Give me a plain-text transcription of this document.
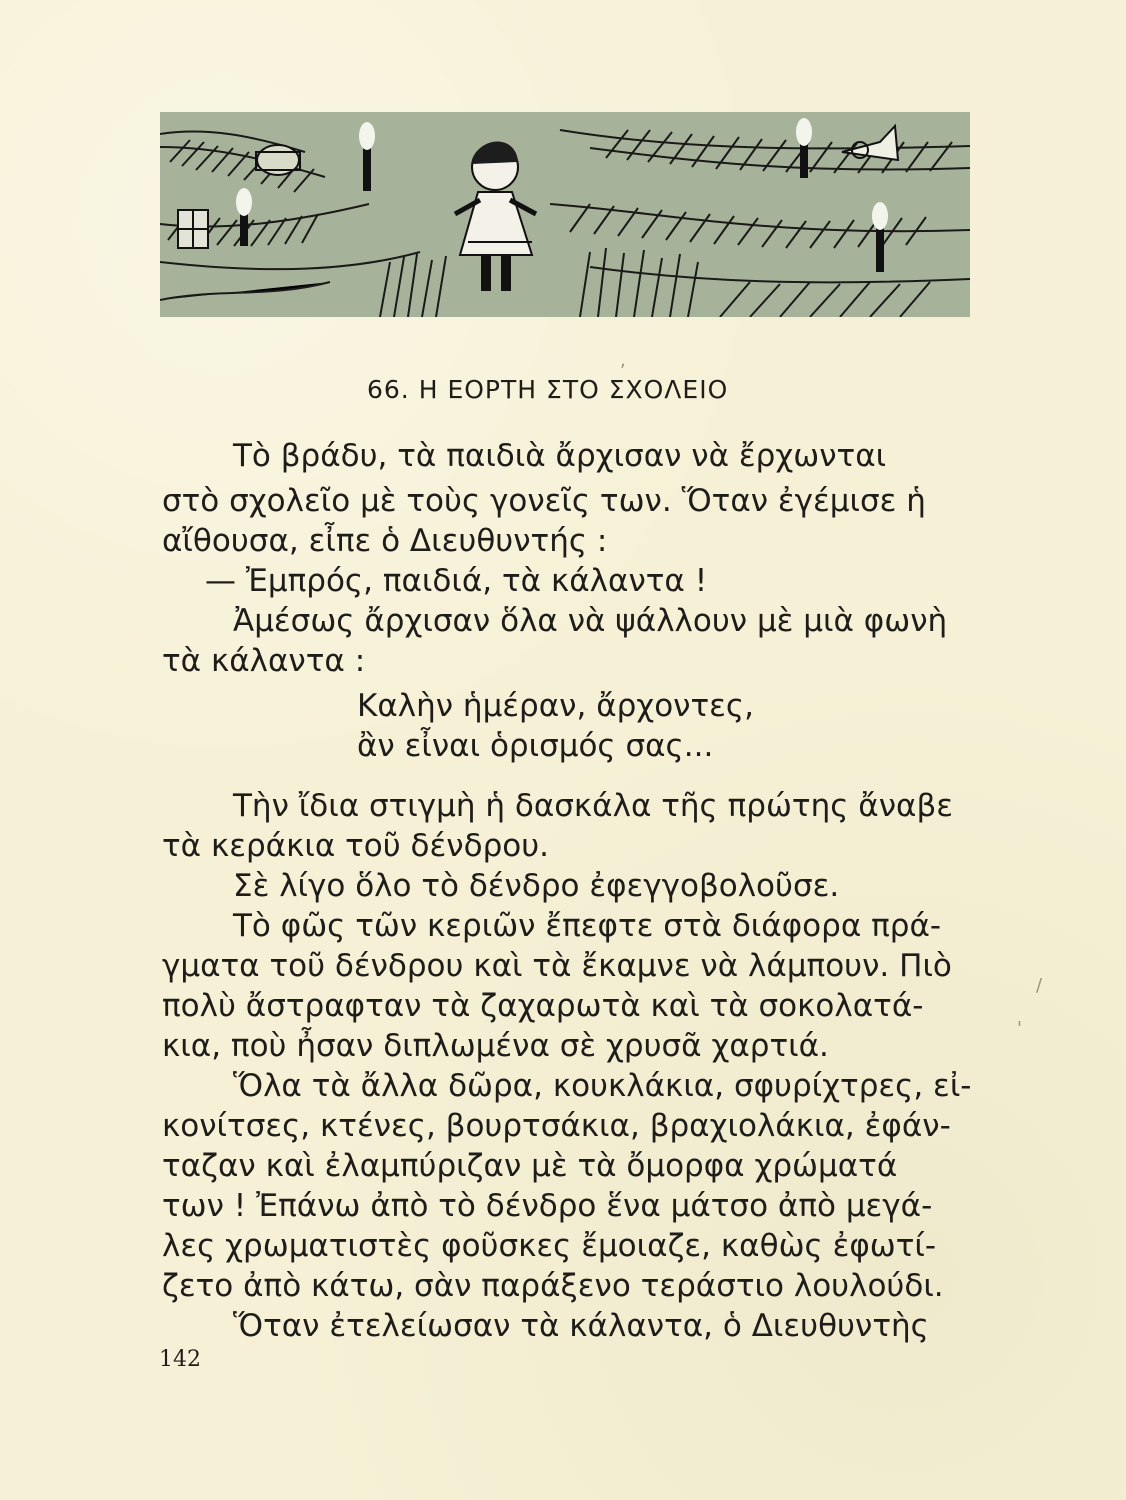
66. Η ΕΟΡΤΗ ΣΤΟ ΣΧΟΛΕΙΟ
Τὸ βράδυ, τὰ παιδιὰ ἄρχισαν νὰ ἔρχωνται
στὸ σχολεῖο μὲ τοὺς γονεῖς των. Ὅταν ἐγέμισε ἡ
αἴθουσα, εἶπε ὁ Διευθυντής :
— Ἐμπρός, παιδιά, τὰ κάλαντα !
Ἀμέσως ἄρχισαν ὅλα νὰ ψάλλουν μὲ μιὰ φωνὴ
τὰ κάλαντα :
Καλὴν ἡμέραν, ἄρχοντες,
ἂν εἶναι ὁρισμός σας...
Τὴν ἴδια στιγμὴ ἡ δασκάλα τῆς πρώτης ἄναβε
τὰ κεράκια τοῦ δένδρου.
Σὲ λίγο ὅλο τὸ δένδρο ἐφεγγοβολοῦσε.
Τὸ φῶς τῶν κεριῶν ἔπεφτε στὰ διάφορα πρά-
γματα τοῦ δένδρου καὶ τὰ ἔκαμνε νὰ λάμπουν. Πιὸ
πολὺ ἄστραφταν τὰ ζαχαρωτὰ καὶ τὰ σοκολατά-
κια, ποὺ ἦσαν διπλωμένα σὲ χρυσᾶ χαρτιά.
Ὅλα τὰ ἄλλα δῶρα, κουκλάκια, σφυρίχτρες, εἰ-
κονίτσες, κτένες, βουρτσάκια, βραχιολάκια, ἐφάν-
ταζαν καὶ ἐλαμπύριζαν μὲ τὰ ὄμορφα χρώματά
των ! Ἐπάνω ἀπὸ τὸ δένδρο ἕνα μάτσο ἀπὸ μεγά-
λες χρωματιστὲς φοῦσκες ἔμοιαζε, καθὼς ἐφωτί-
ζετο ἀπὸ κάτω, σὰν παράξενο τεράστιο λουλούδι.
Ὅταν ἐτελείωσαν τὰ κάλαντα, ὁ Διευθυντὴς
142
/
'
,
